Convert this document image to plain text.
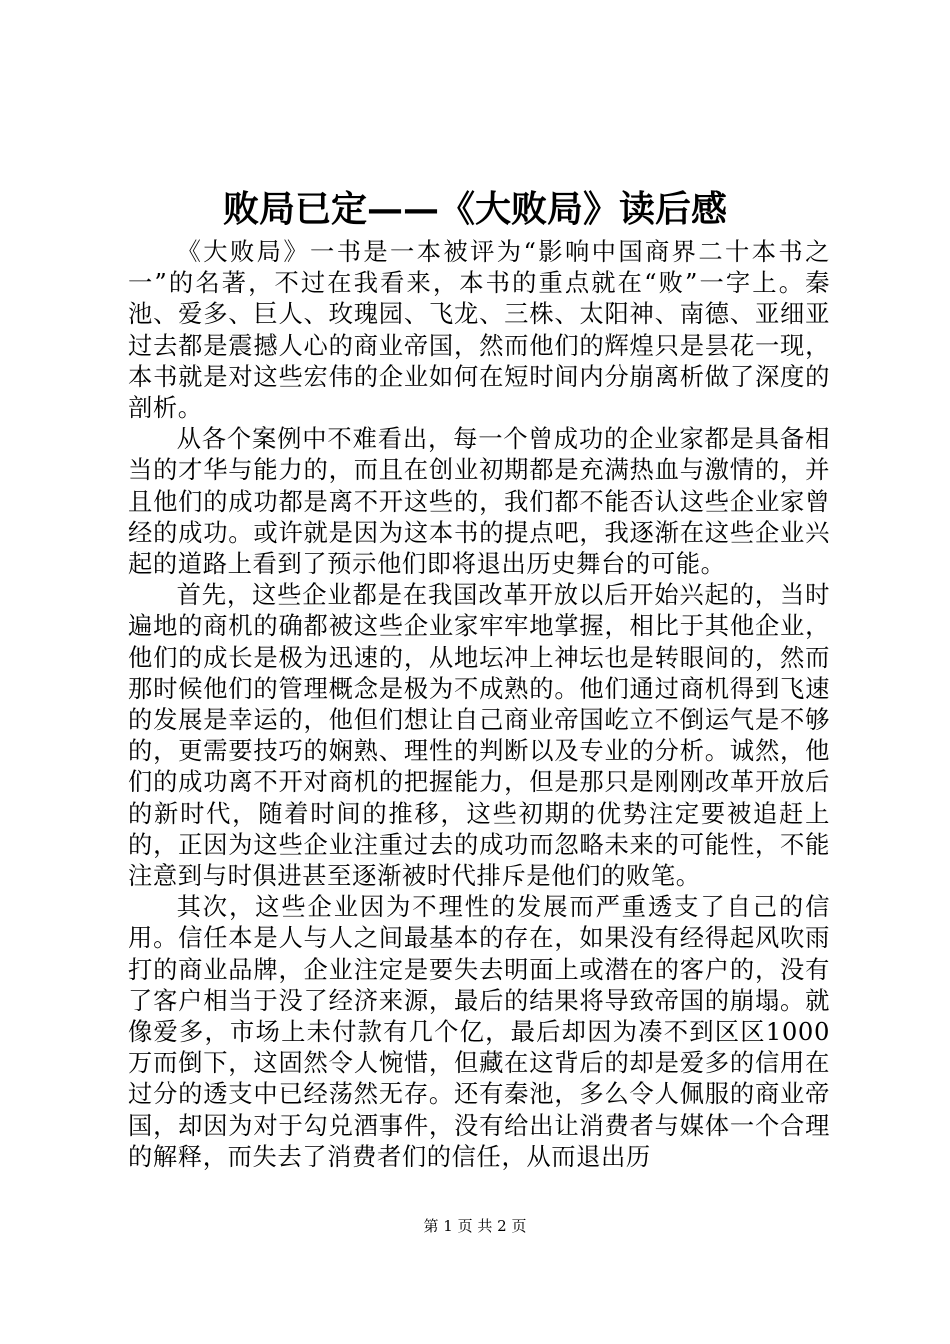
败局已定——《大败局》读后感

《大败局》一书是一本被评为“影响中国商界二十本书之一”的名著，不过在我看来，本书的重点就在“败”一字上。秦池、爱多、巨人、玫瑰园、飞龙、三株、太阳神、南德、亚细亚过去都是震撼人心的商业帝国，然而他们的辉煌只是昙花一现，本书就是对这些宏伟的企业如何在短时间内分崩离析做了深度的剖析。

从各个案例中不难看出，每一个曾成功的企业家都是具备相当的才华与能力的，而且在创业初期都是充满热血与激情的，并且他们的成功都是离不开这些的，我们都不能否认这些企业家曾经的成功。或许就是因为这本书的提点吧，我逐渐在这些企业兴起的道路上看到了预示他们即将退出历史舞台的可能。

首先，这些企业都是在我国改革开放以后开始兴起的，当时遍地的商机的确都被这些企业家牢牢地掌握，相比于其他企业，他们的成长是极为迅速的，从地坛冲上神坛也是转眼间的，然而那时候他们的管理概念是极为不成熟的。他们通过商机得到飞速的发展是幸运的，他但们想让自己商业帝国屹立不倒运气是不够的，更需要技巧的娴熟、理性的判断以及专业的分析。诚然，他们的成功离不开对商机的把握能力，但是那只是刚刚改革开放后的新时代，随着时间的推移，这些初期的优势注定要被追赶上的，正因为这些企业注重过去的成功而忽略未来的可能性，不能注意到与时俱进甚至逐渐被时代排斥是他们的败笔。

其次，这些企业因为不理性的发展而严重透支了自己的信用。信任本是人与人之间最基本的存在，如果没有经得起风吹雨打的商业品牌，企业注定是要失去明面上或潜在的客户的，没有了客户相当于没了经济来源，最后的结果将导致帝国的崩塌。就像爱多，市场上未付款有几个亿，最后却因为凑不到区区1000万而倒下，这固然令人惋惜，但藏在这背后的却是爱多的信用在过分的透支中已经荡然无存。还有秦池，多么令人佩服的商业帝国，却因为对于勾兑酒事件，没有给出让消费者与媒体一个合理的解释，而失去了消费者们的信任，从而退出历

第 1 页 共 2 页
